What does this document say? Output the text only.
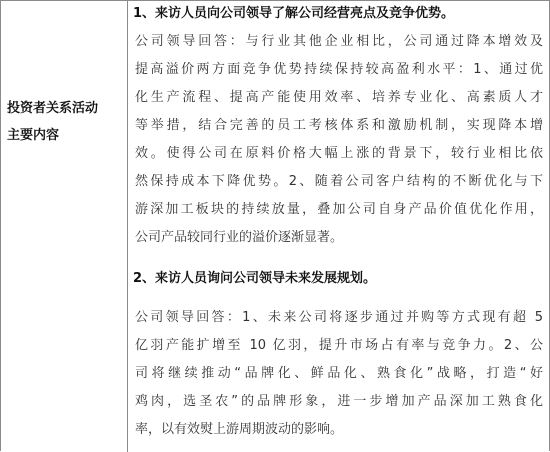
投资者关系活动
主要内容
1、来访人员向公司领导了解公司经营亮点及竞争优势。
公司领导回答：与行业其他企业相比，公司通过降本增效及
提高溢价两方面竞争优势持续保持较高盈利水平：1、通过优
化生产流程、提高产能使用效率、培养专业化、高素质人才
等举措，结合完善的员工考核体系和激励机制，实现降本增
效。使得公司在原料价格大幅上涨的背景下，较行业相比依
然保持成本下降优势。2、随着公司客户结构的不断优化与下
游深加工板块的持续放量，叠加公司自身产品价值优化作用，
公司产品较同行业的溢价逐渐显著。
2、来访人员询问公司领导未来发展规划。
公司领导回答：1、未来公司将逐步通过并购等方式现有超 5
亿羽产能扩增至 10 亿羽，提升市场占有率与竞争力。2、公
司将继续推动“品牌化、鲜品化、熟食化”战略，打造“好
鸡肉，选圣农”的品牌形象，进一步增加产品深加工熟食化
率，以有效熨上游周期波动的影响。
